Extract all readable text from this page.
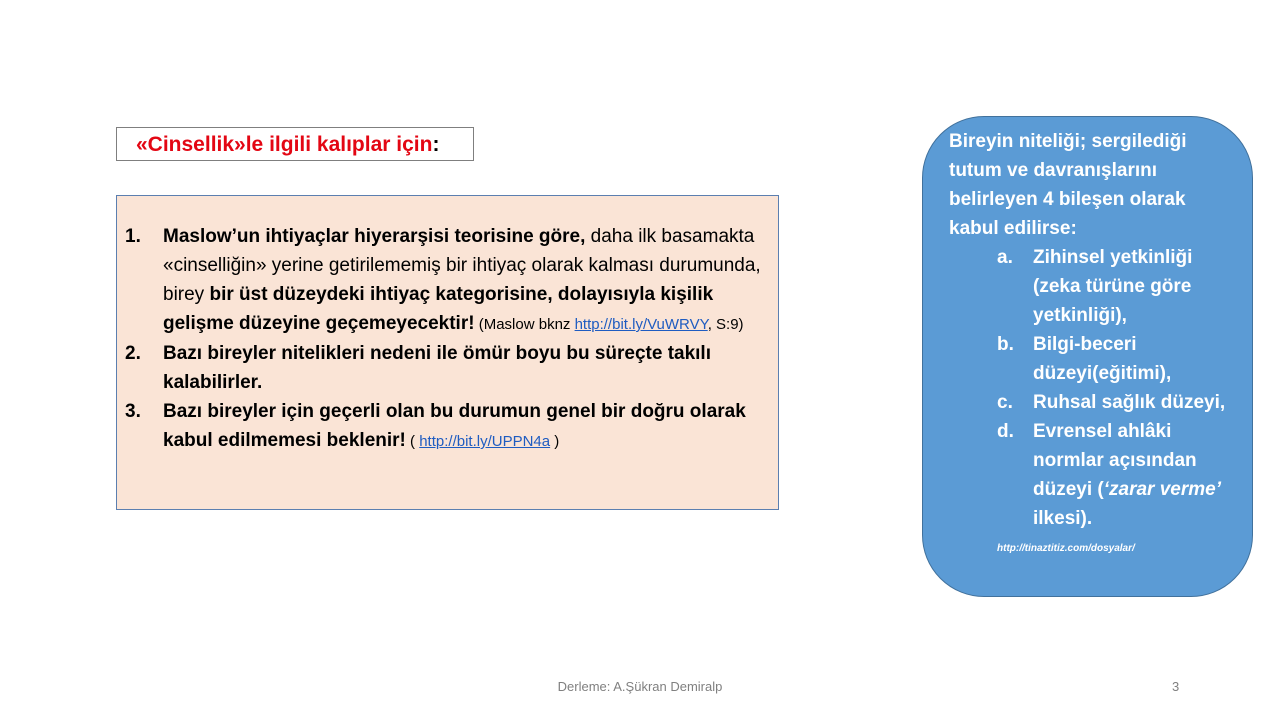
«Cinsellik»le ilgili kalıplar için:
1. Maslow’un ihtiyaçlar hiyerarşisi teorisine göre, daha ilk basamakta «cinselliğin» yerine getirilememiş bir ihtiyaç olarak kalması durumunda, birey bir üst düzeydeki ihtiyaç kategorisine, dolayısıyla kişilik gelişme düzeyine geçemeyecektir! (Maslow bknz http://bit.ly/VuWRVY, S:9)
2. Bazı bireyler nitelikleri nedeni ile ömür boyu bu süreçte takılı kalabilirler.
3. Bazı bireyler için geçerli olan bu durumun genel bir doğru olarak kabul edilmemesi beklenir! ( http://bit.ly/UPPN4a )
Bireyin niteliği; sergilediği tutum ve davranışlarını belirleyen 4 bileşen olarak kabul edilirse:
a. Zihinsel yetkinliği (zeka türüne göre yetkinliği),
b. Bilgi-beceri düzeyi(eğitimi),
c. Ruhsal sağlık düzeyi,
d. Evrensel ahlâki normlar açısından düzeyi (‘zarar verme’ ilkesi).
http://tinaztitiz.com/dosyalar/
Derleme: A.Şükran Demiralp	3
